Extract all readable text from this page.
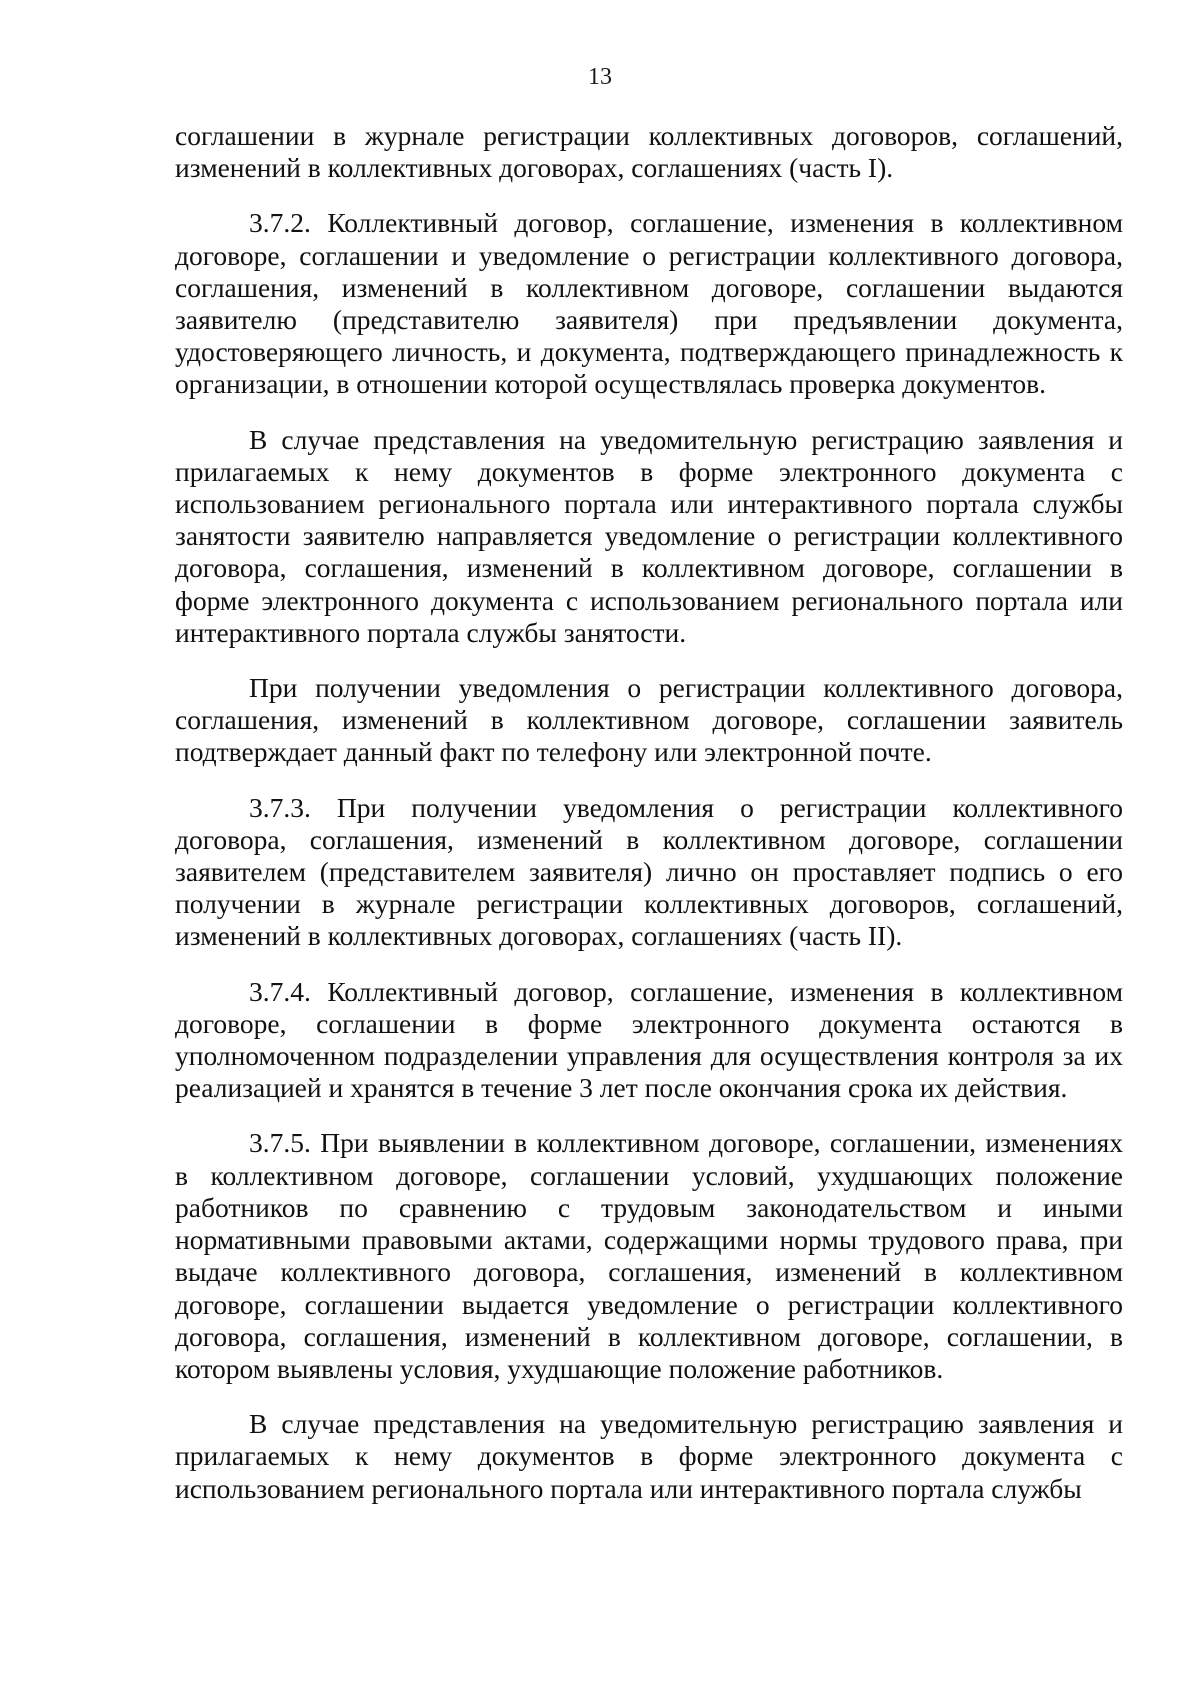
13

соглашении в журнале регистрации коллективных договоров, соглашений, изменений в коллективных договорах, соглашениях (часть I).

3.7.2. Коллективный договор, соглашение, изменения в коллективном договоре, соглашении и уведомление о регистрации коллективного договора, соглашения, изменений в коллективном договоре, соглашении выдаются заявителю (представителю заявителя) при предъявлении документа, удостоверяющего личность, и документа, подтверждающего принадлежность к организации, в отношении которой осуществлялась проверка документов.

В случае представления на уведомительную регистрацию заявления и прилагаемых к нему документов в форме электронного документа с использованием регионального портала или интерактивного портала службы занятости заявителю направляется уведомление о регистрации коллективного договора, соглашения, изменений в коллективном договоре, соглашении в форме электронного документа с использованием регионального портала или интерактивного портала службы занятости.

При получении уведомления о регистрации коллективного договора, соглашения, изменений в коллективном договоре, соглашении заявитель подтверждает данный факт по телефону или электронной почте.

3.7.3. При получении уведомления о регистрации коллективного договора, соглашения, изменений в коллективном договоре, соглашении заявителем (представителем заявителя) лично он проставляет подпись о его получении в журнале регистрации коллективных договоров, соглашений, изменений в коллективных договорах, соглашениях (часть II).

3.7.4. Коллективный договор, соглашение, изменения в коллективном договоре, соглашении в форме электронного документа остаются в уполномоченном подразделении управления для осуществления контроля за их реализацией и хранятся в течение 3 лет после окончания срока их действия.

3.7.5. При выявлении в коллективном договоре, соглашении, изменениях в коллективном договоре, соглашении условий, ухудшающих положение работников по сравнению с трудовым законодательством и иными нормативными правовыми актами, содержащими нормы трудового права, при выдаче коллективного договора, соглашения, изменений в коллективном договоре, соглашении выдается уведомление о регистрации коллективного договора, соглашения, изменений в коллективном договоре, соглашении, в котором выявлены условия, ухудшающие положение работников.

В случае представления на уведомительную регистрацию заявления и прилагаемых к нему документов в форме электронного документа с использованием регионального портала или интерактивного портала службы
